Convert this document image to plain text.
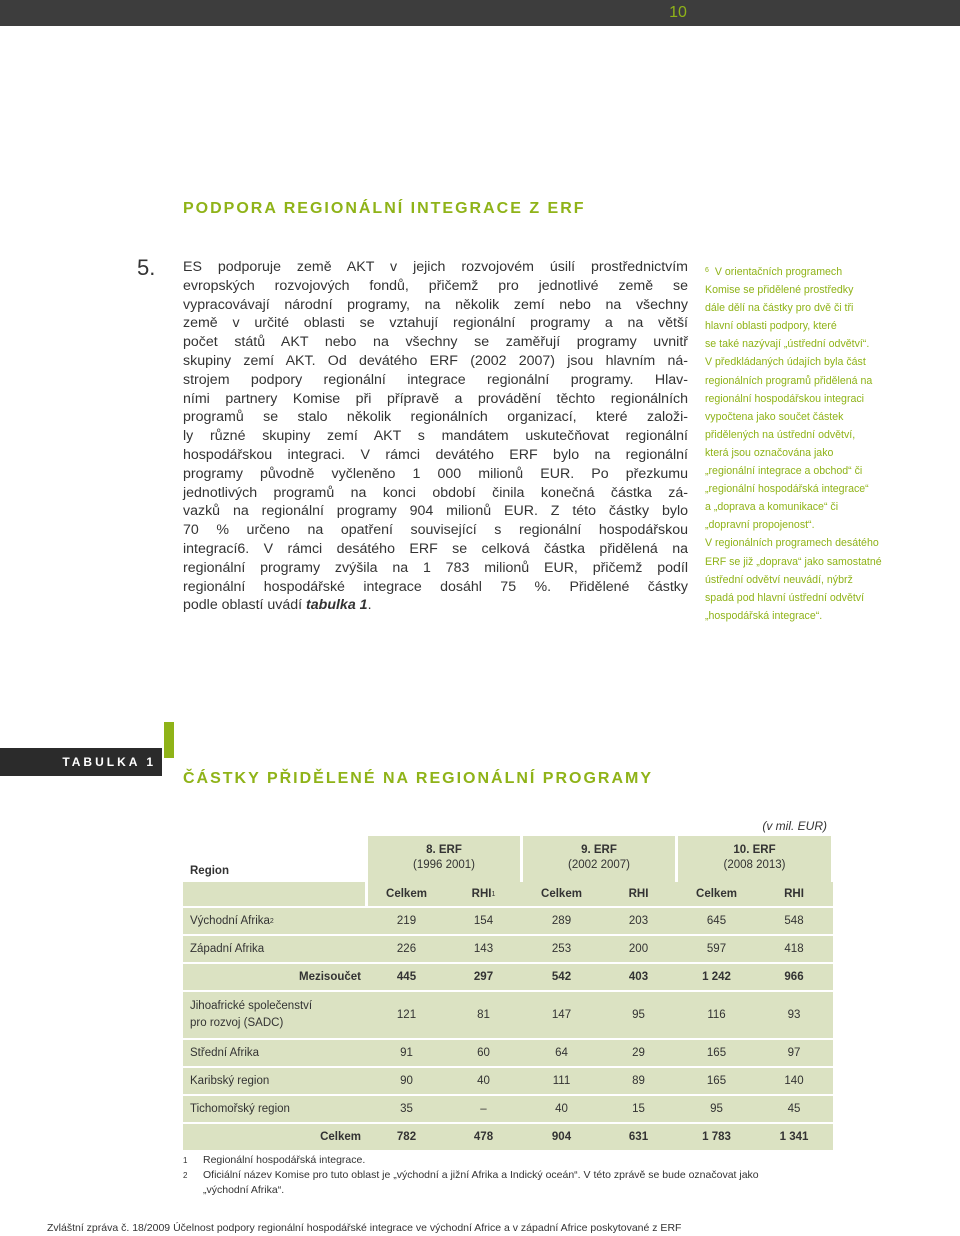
10
PODPORA REGIONÁLNÍ INTEGRACE Z ERF
5. ES podporuje země AKT v jejich rozvojovém úsilí prostřednictvím
evropských rozvojových fondů, přičemž pro jednotlivé země se
vypracovávají národní programy, na několik zemí nebo na všechny
země v určité oblasti se vztahují regionální programy a na větší
počet států AKT nebo na všechny se zaměřují programy uvnitř
skupiny zemí AKT. Od devátého ERF (2002 2007) jsou hlavním ná-
strojem podpory regionální integrace regionální programy. Hlav-
ními partnery Komise při přípravě a provádění těchto regionálních
programů se stalo několik regionálních organizací, které založi-
ly různé skupiny zemí AKT s mandátem uskutečňovat regionální
hospodářskou integraci. V rámci devátého ERF bylo na regionální
programy původně vyčleněno 1 000 milionů EUR. Po přezkumu
jednotlivých programů na konci období činila konečná částka zá-
vazků na regionální programy 904 milionů EUR. Z této částky bylo
70 % určeno na opatření související s regionální hospodářskou
integrací6. V rámci desátého ERF se celková částka přidělená na
regionální programy zvýšila na 1 783 milionů EUR, přičemž podíl
regionální hospodářské integrace dosáhl 75 %. Přidělené částky
podle oblastí uvádí tabulka 1.
$^6$ V orientačních programech
Komise se přidělené prostředky
dále dělí na částky pro dvě či tři
hlavní oblasti podpory, které
se také nazývají „ústřední odvětví“.
V předkládaných údajích byla část
regionálních programů přidělená na
regionální hospodářskou integraci
vypočtena jako součet částek
přidělených na ústřední odvětví,
která jsou označována jako
„regionální integrace a obchod“ či
„regionální hospodářská integrace“
a „doprava a komunikace“ či
„dopravní propojenost“.
V regionálních programech desátého
ERF se již „doprava“ jako samostatné
ústřední odvětví neuvádí, nýbrž
spadá pod hlavní ústřední odvětví
„hospodářská integrace“.
TABULKA 1
ČÁSTKY PŘIDĚLENÉ NA REGIONÁLNÍ PROGRAMY
(v mil. EUR)
Region
8. ERF
(1996 2001)
9. ERF
(2002 2007)
10. ERF
(2008 2013)
Celkem	RHI 1	Celkem	RHI	Celkem	RHI
Východní Afrika 2	219	154	289	203	645	548
Západní Afrika	226	143	253	200	597	418
Mezisoučet	445	297	542	403	1 242	966
Jihoafrické společenství
pro rozvoj (SADC)
121	81	147	95	116	93
Střední Afrika	91	60	64	29	165	97
Karibský region	90	40	111	89	165	140
Tichomořský region	35	–	40	15	95	45
Celkem	782	478	904	631	1 783	1 341
1 Regionální hospodářská integrace.
2 Oficiální název Komise pro tuto oblast je „východní a jižní Afrika a Indický oceán“. V této zprávě se bude označovat jako „východní Afrika“.
Zvláštní zpráva č. 18/2009 Účelnost podpory regionální hospodářské integrace ve východní Africe a v západní Africe poskytované z ERF
